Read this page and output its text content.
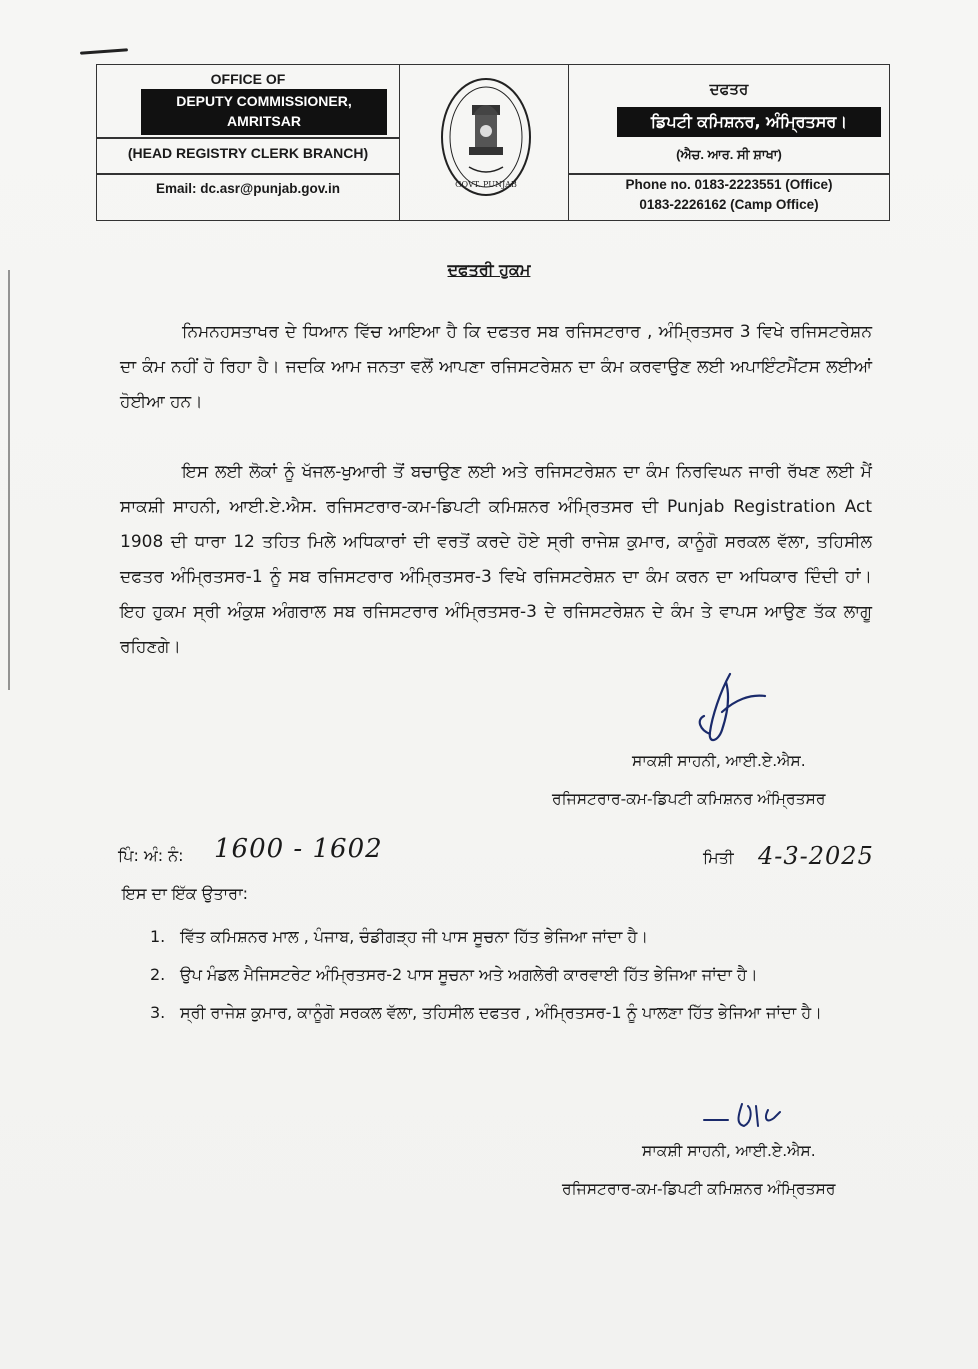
OFFICE OF
DEPUTY COMMISSIONER,
AMRITSAR
(HEAD REGISTRY CLERK BRANCH)
Email: dc.asr@punjab.gov.in	GOVT. PUNJAB
ਦਫਤਰ
ਡਿਪਟੀ ਕਮਿਸ਼ਨਰ, ਅੰਮ੍ਰਿਤਸਰ।
(ਐਚ. ਆਰ. ਸੀ ਸ਼ਾਖਾ)
Phone no. 0183-2223551 (Office)
0183-2226162 (Camp Office)
ਦਫਤਰੀ ਹੁਕਮ
ਨਿਮਨਹਸਤਾਖਰ ਦੇ ਧਿਆਨ ਵਿੱਚ ਆਇਆ ਹੈ ਕਿ ਦਫਤਰ ਸਬ ਰਜਿਸਟਰਾਰ , ਅੰਮ੍ਰਿਤਸਰ 3 ਵਿਖੇ ਰਜਿਸਟਰੇਸ਼ਨ ਦਾ ਕੰਮ ਨਹੀਂ ਹੋ ਰਿਹਾ ਹੈ। ਜਦਕਿ ਆਮ ਜਨਤਾ ਵਲੋਂ ਆਪਣਾ ਰਜਿਸਟਰੇਸ਼ਨ ਦਾ ਕੰਮ ਕਰਵਾਉਣ ਲਈ ਅਪਾਇੰਟਮੈਂਟਸ ਲਈਆਂ ਹੋਈਆ ਹਨ।
ਇਸ ਲਈ ਲੋਕਾਂ ਨੂੰ ਖੱਜਲ-ਖੁਆਰੀ ਤੋਂ ਬਚਾਉਣ ਲਈ ਅਤੇ ਰਜਿਸਟਰੇਸ਼ਨ ਦਾ ਕੰਮ ਨਿਰਵਿਘਨ ਜਾਰੀ ਰੱਖਣ ਲਈ ਮੈਂ ਸਾਕਸ਼ੀ ਸਾਹਨੀ, ਆਈ.ਏ.ਐਸ. ਰਜਿਸਟਰਾਰ-ਕਮ-ਡਿਪਟੀ ਕਮਿਸ਼ਨਰ ਅੰਮ੍ਰਿਤਸਰ ਦੀ Punjab Registration Act 1908 ਦੀ ਧਾਰਾ 12 ਤਹਿਤ ਮਿਲੇ ਅਧਿਕਾਰਾਂ ਦੀ ਵਰਤੋਂ ਕਰਦੇ ਹੋਏ ਸ੍ਰੀ ਰਾਜੇਸ਼ ਕੁਮਾਰ, ਕਾਨੂੰਗੋ ਸਰਕਲ ਵੱਲਾ, ਤਹਿਸੀਲ ਦਫਤਰ ਅੰਮ੍ਰਿਤਸਰ-1 ਨੂੰ ਸਬ ਰਜਿਸਟਰਾਰ ਅੰਮ੍ਰਿਤਸਰ-3 ਵਿਖੇ ਰਜਿਸਟਰੇਸ਼ਨ ਦਾ ਕੰਮ ਕਰਨ ਦਾ ਅਧਿਕਾਰ ਦਿੰਦੀ ਹਾਂ। ਇਹ ਹੁਕਮ ਸ੍ਰੀ ਅੰਕੁਸ਼ ਅੰਗਰਾਲ ਸਬ ਰਜਿਸਟਰਾਰ ਅੰਮ੍ਰਿਤਸਰ-3 ਦੇ ਰਜਿਸਟਰੇਸ਼ਨ ਦੇ ਕੰਮ ਤੇ ਵਾਪਸ ਆਉਣ ਤੱਕ ਲਾਗੂ ਰਹਿਣਗੇ।
ਸਾਕਸ਼ੀ ਸਾਹਨੀ, ਆਈ.ਏ.ਐਸ.
ਰਜਿਸਟਰਾਰ-ਕਮ-ਡਿਪਟੀ ਕਮਿਸ਼ਨਰ ਅੰਮ੍ਰਿਤਸਰ
ਪਿੰ: ਅੰ: ਨੰ: 1600 - 1602	ਮਿਤੀ 4-3-2025
ਇਸ ਦਾ ਇੱਕ ਉਤਾਰਾ:
1. ਵਿੱਤ ਕਮਿਸ਼ਨਰ ਮਾਲ , ਪੰਜਾਬ, ਚੰਡੀਗੜ੍ਹ ਜੀ ਪਾਸ ਸੂਚਨਾ ਹਿੱਤ ਭੇਜਿਆ ਜਾਂਦਾ ਹੈ।
2. ਉਪ ਮੰਡਲ ਮੈਜਿਸਟਰੇਟ ਅੰਮ੍ਰਿਤਸਰ-2 ਪਾਸ ਸੂਚਨਾ ਅਤੇ ਅਗਲੇਰੀ ਕਾਰਵਾਈ ਹਿੱਤ ਭੇਜਿਆ ਜਾਂਦਾ ਹੈ।
3. ਸ੍ਰੀ ਰਾਜੇਸ਼ ਕੁਮਾਰ, ਕਾਨੂੰਗੋ ਸਰਕਲ ਵੱਲਾ, ਤਹਿਸੀਲ ਦਫਤਰ , ਅੰਮ੍ਰਿਤਸਰ-1 ਨੂੰ ਪਾਲਣਾ ਹਿੱਤ ਭੇਜਿਆ ਜਾਂਦਾ ਹੈ।
ਸਾਕਸ਼ੀ ਸਾਹਨੀ, ਆਈ.ਏ.ਐਸ.
ਰਜਿਸਟਰਾਰ-ਕਮ-ਡਿਪਟੀ ਕਮਿਸ਼ਨਰ ਅੰਮ੍ਰਿਤਸਰ
